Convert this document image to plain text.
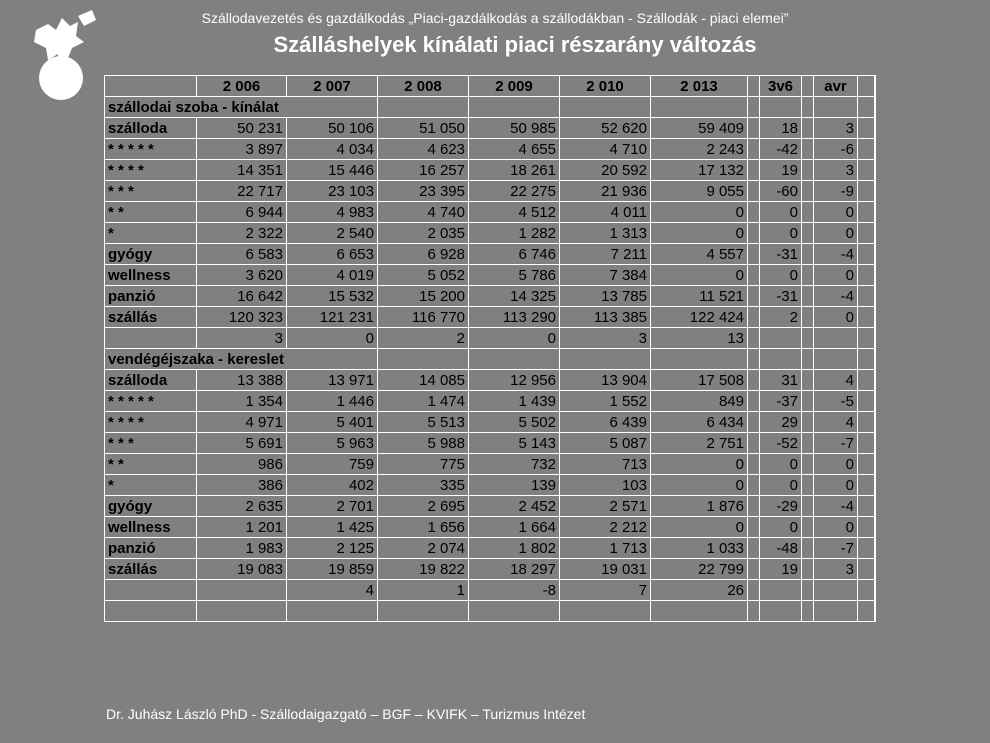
Szállodavezetés és gazdálkodás „Piaci-gazdálkodás a szállodákban - Szállodák - piaci elemei”
Szálláshelyek kínálati piaci részarány változás
	2 006	2 007	2 008	2 009	2 010	2 013		3v6		avr	
szállodai szoba - kínálat											
szálloda	50 231	50 106	51 050	50 985	52 620	59 409		18		3	
* * * * *	3 897	4 034	4 623	4 655	4 710	2 243		-42		-6	
* * * *	14 351	15 446	16 257	18 261	20 592	17 132		19		3	
* * *	22 717	23 103	23 395	22 275	21 936	9 055		-60		-9	
* *	6 944	4 983	4 740	4 512	4 011	0		0		0	
*	2 322	2 540	2 035	1 282	1 313	0		0		0	
gyógy	6 583	6 653	6 928	6 746	7 211	4 557		-31		-4	
wellness	3 620	4 019	5 052	5 786	7 384	0		0		0	
panzió	16 642	15 532	15 200	14 325	13 785	11 521		-31		-4	
szállás	120 323	121 231	116 770	113 290	113 385	122 424		2		0	
	3	0	2	0	3	13					
vendégéjszaka - kereslet											
szálloda	13 388	13 971	14 085	12 956	13 904	17 508		31		4	
* * * * *	1 354	1 446	1 474	1 439	1 552	849		-37		-5	
* * * *	4 971	5 401	5 513	5 502	6 439	6 434		29		4	
* * *	5 691	5 963	5 988	5 143	5 087	2 751		-52		-7	
* *	986	759	775	732	713	0		0		0	
*	386	402	335	139	103	0		0		0	
gyógy	2 635	2 701	2 695	2 452	2 571	1 876		-29		-4	
wellness	1 201	1 425	1 656	1 664	2 212	0		0		0	
panzió	1 983	2 125	2 074	1 802	1 713	1 033		-48		-7	
szállás	19 083	19 859	19 822	18 297	19 031	22 799		19		3	
		4	1	-8	7	26					

Dr. Juhász László PhD - Szállodaigazgató – BGF – KVIFK – Turizmus Intézet
